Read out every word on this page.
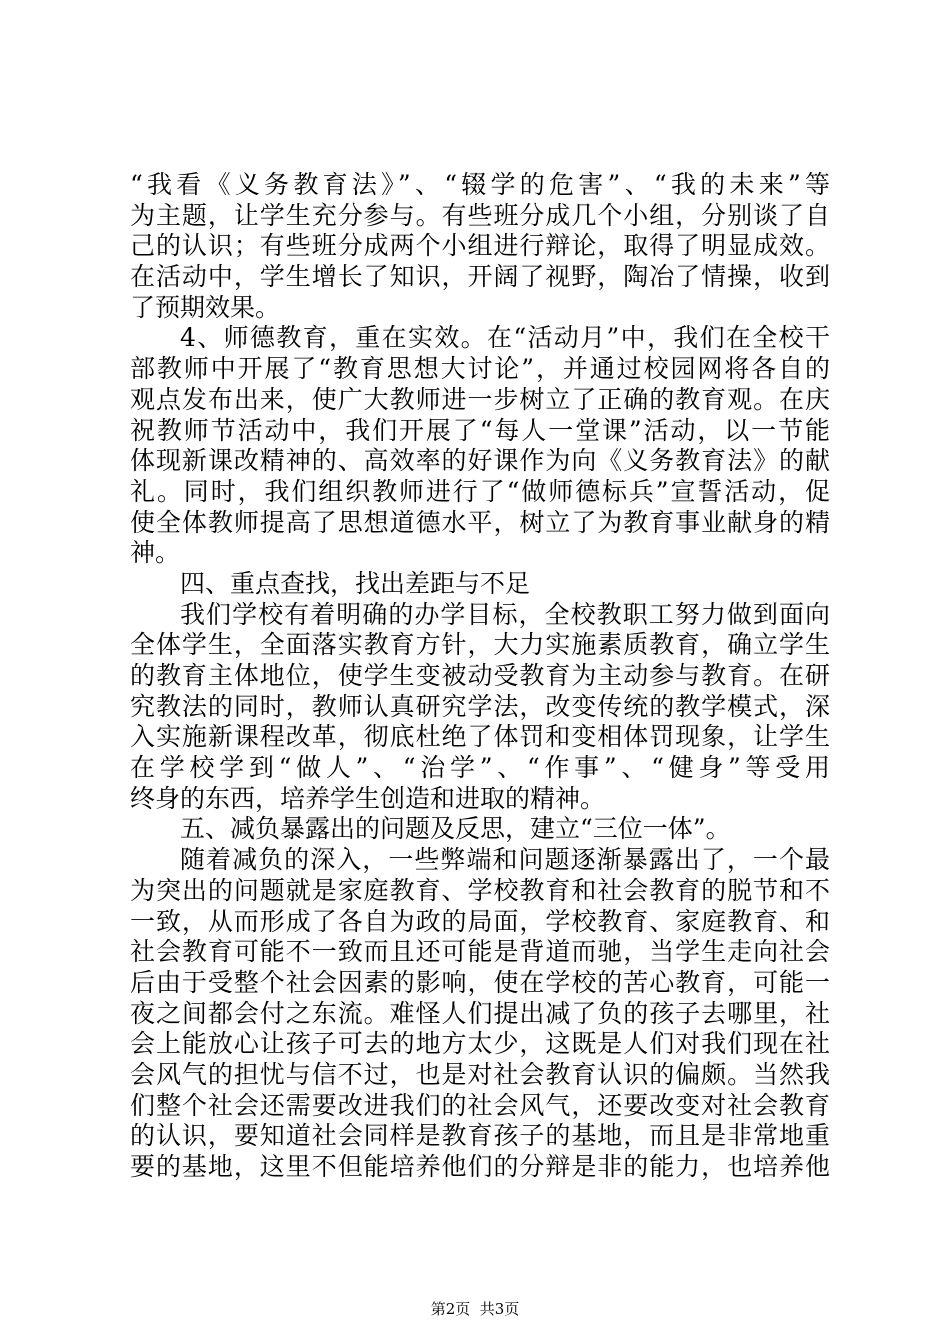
“我看《义务教育法》”、“辍学的危害”、“我的未来”等
为主题，让学生充分参与。有些班分成几个小组，分别谈了自
己的认识；有些班分成两个小组进行辩论，取得了明显成效。
在活动中，学生增长了知识，开阔了视野，陶冶了情操，收到
了预期效果。
4、师德教育，重在实效。在“活动月”中，我们在全校干
部教师中开展了“教育思想大讨论”，并通过校园网将各自的
观点发布出来，使广大教师进一步树立了正确的教育观。在庆
祝教师节活动中，我们开展了“每人一堂课”活动，以一节能
体现新课改精神的、高效率的好课作为向《义务教育法》的献
礼。同时，我们组织教师进行了“做师德标兵”宣誓活动，促
使全体教师提高了思想道德水平，树立了为教育事业献身的精
神。
四、重点查找，找出差距与不足
我们学校有着明确的办学目标，全校教职工努力做到面向
全体学生，全面落实教育方针，大力实施素质教育，确立学生
的教育主体地位，使学生变被动受教育为主动参与教育。在研
究教法的同时，教师认真研究学法，改变传统的教学模式，深
入实施新课程改革，彻底杜绝了体罚和变相体罚现象，让学生
在学校学到“做人”、“治学”、“作事”、“健身”等受用
终身的东西，培养学生创造和进取的精神。
五、减负暴露出的问题及反思，建立“三位一体”。
随着减负的深入，一些弊端和问题逐渐暴露出了，一个最
为突出的问题就是家庭教育、学校教育和社会教育的脱节和不
一致，从而形成了各自为政的局面，学校教育、家庭教育、和
社会教育可能不一致而且还可能是背道而驰，当学生走向社会
后由于受整个社会因素的影响，使在学校的苦心教育，可能一
夜之间都会付之东流。难怪人们提出减了负的孩子去哪里，社
会上能放心让孩子可去的地方太少，这既是人们对我们现在社
会风气的担忧与信不过，也是对社会教育认识的偏颇。当然我
们整个社会还需要改进我们的社会风气，还要改变对社会教育
的认识，要知道社会同样是教育孩子的基地，而且是非常地重
要的基地，这里不但能培养他们的分辩是非的能力，也培养他
第2页  共3页
